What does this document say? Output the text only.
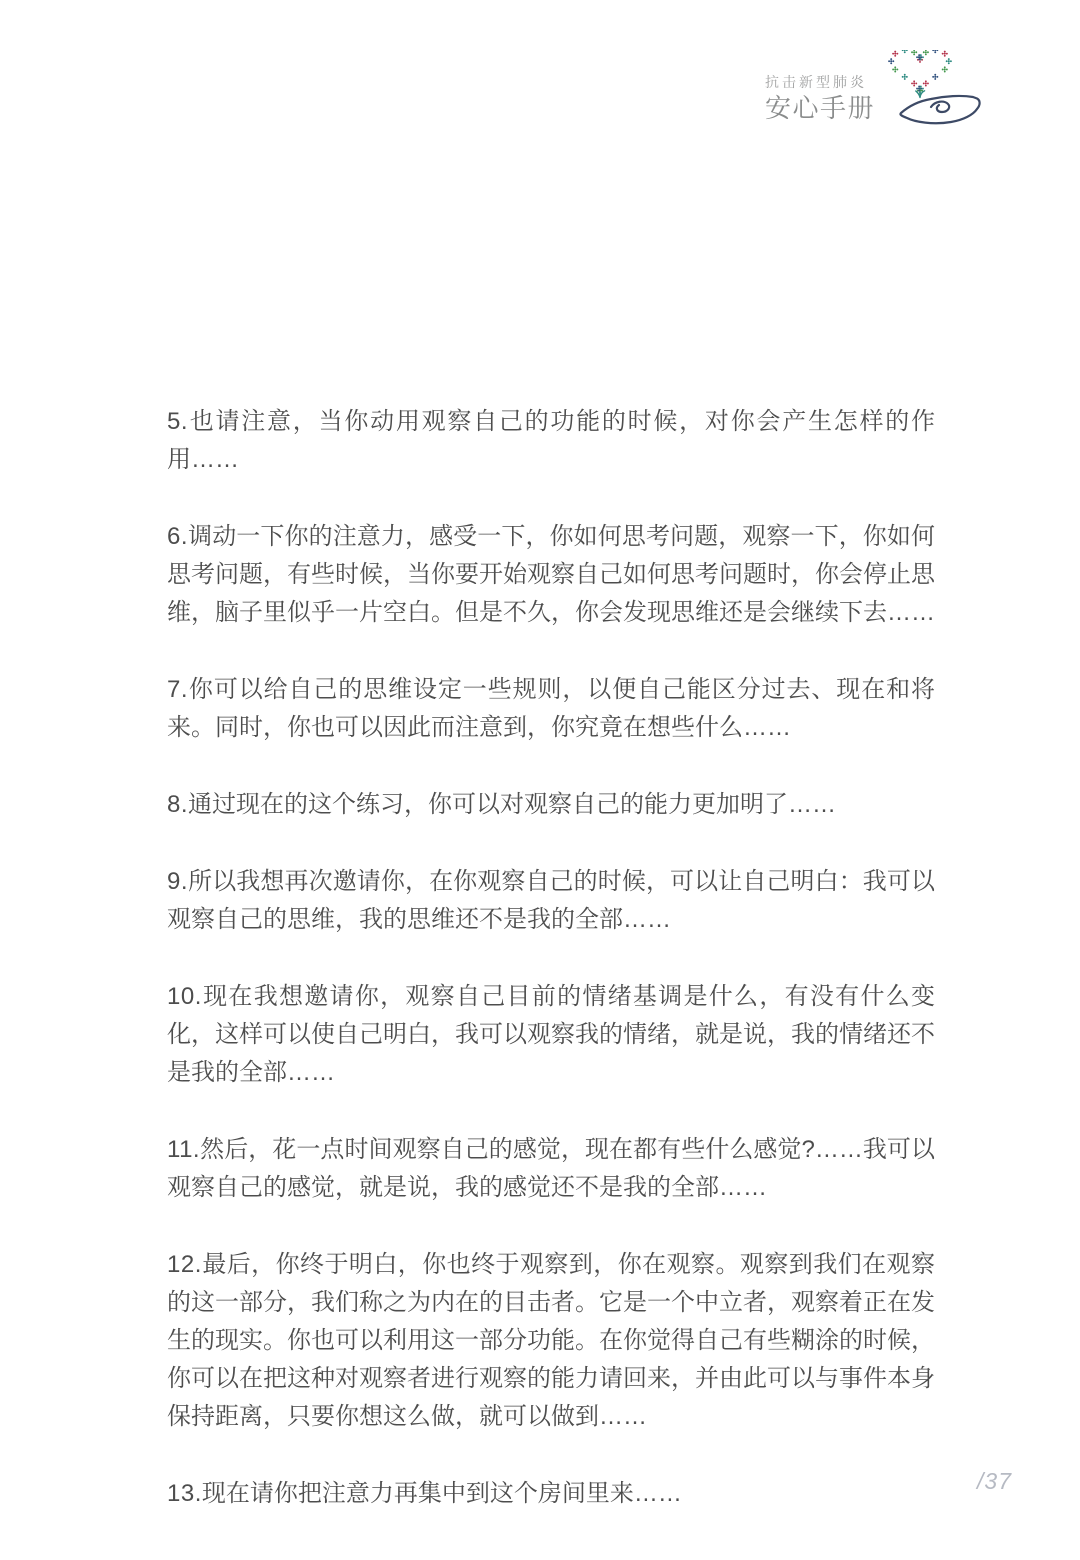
抗击新型肺炎
安心手册

5.也请注意，当你动用观察自己的功能的时候，对你会产生怎样的作用……

6.调动一下你的注意力，感受一下，你如何思考问题，观察一下，你如何思考问题，有些时候，当你要开始观察自己如何思考问题时，你会停止思维，脑子里似乎一片空白。但是不久，你会发现思维还是会继续下去……

7.你可以给自己的思维设定一些规则，以便自己能区分过去、现在和将来。同时，你也可以因此而注意到，你究竟在想些什么……

8.通过现在的这个练习，你可以对观察自己的能力更加明了……

9.所以我想再次邀请你，在你观察自己的时候，可以让自己明白：我可以观察自己的思维，我的思维还不是我的全部……

10.现在我想邀请你，观察自己目前的情绪基调是什么，有没有什么变化，这样可以使自己明白，我可以观察我的情绪，就是说，我的情绪还不是我的全部……

11.然后，花一点时间观察自己的感觉，现在都有些什么感觉?……我可以观察自己的感觉，就是说，我的感觉还不是我的全部……

12.最后，你终于明白，你也终于观察到，你在观察。观察到我们在观察的这一部分，我们称之为内在的目击者。它是一个中立者，观察着正在发生的现实。你也可以利用这一部分功能。在你觉得自己有些糊涂的时候，你可以在把这种对观察者进行观察的能力请回来，并由此可以与事件本身保持距离，只要你想这么做，就可以做到……

13.现在请你把注意力再集中到这个房间里来……	/37
